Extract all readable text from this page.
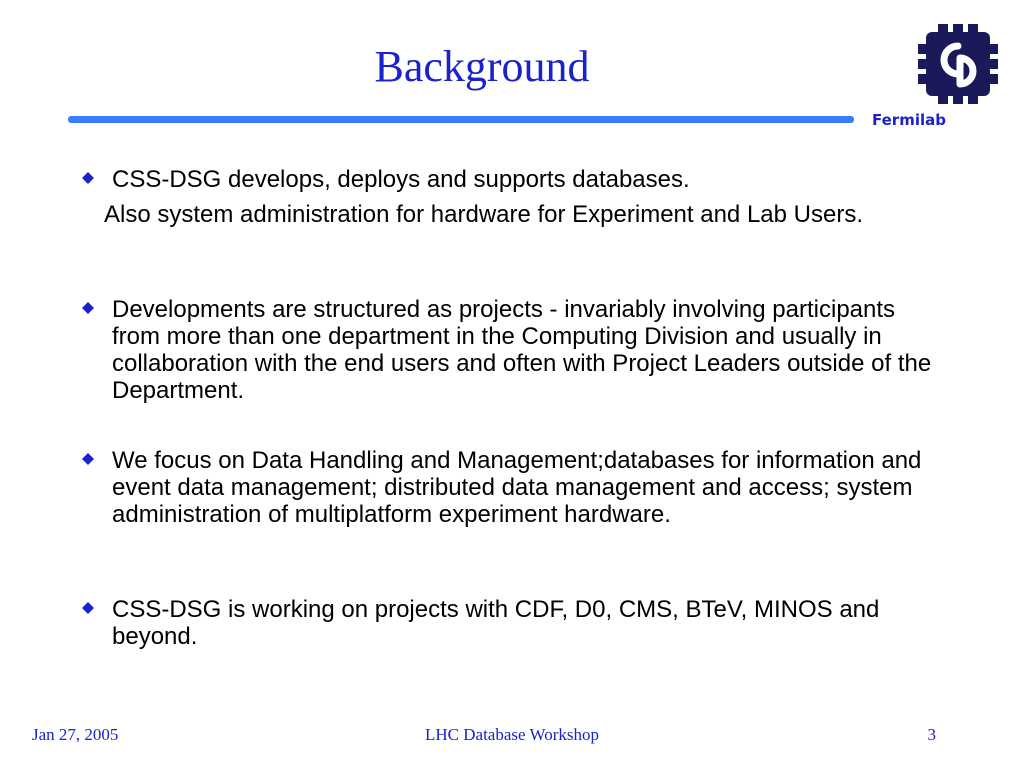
Background
Fermilab
CSS-DSG develops, deploys and supports databases.
Also system administration for hardware for Experiment and Lab Users.
Developments are structured as projects - invariably involving participants from more than one department in the Computing Division and usually in collaboration with the end users and often with Project Leaders outside of the Department.
We focus on Data Handling and Management;databases for information and event data management; distributed data management and access; system administration of multiplatform experiment hardware.
CSS-DSG is working on projects with CDF, D0, CMS, BTeV, MINOS and beyond.
Jan 27, 2005	LHC Database Workshop	3
